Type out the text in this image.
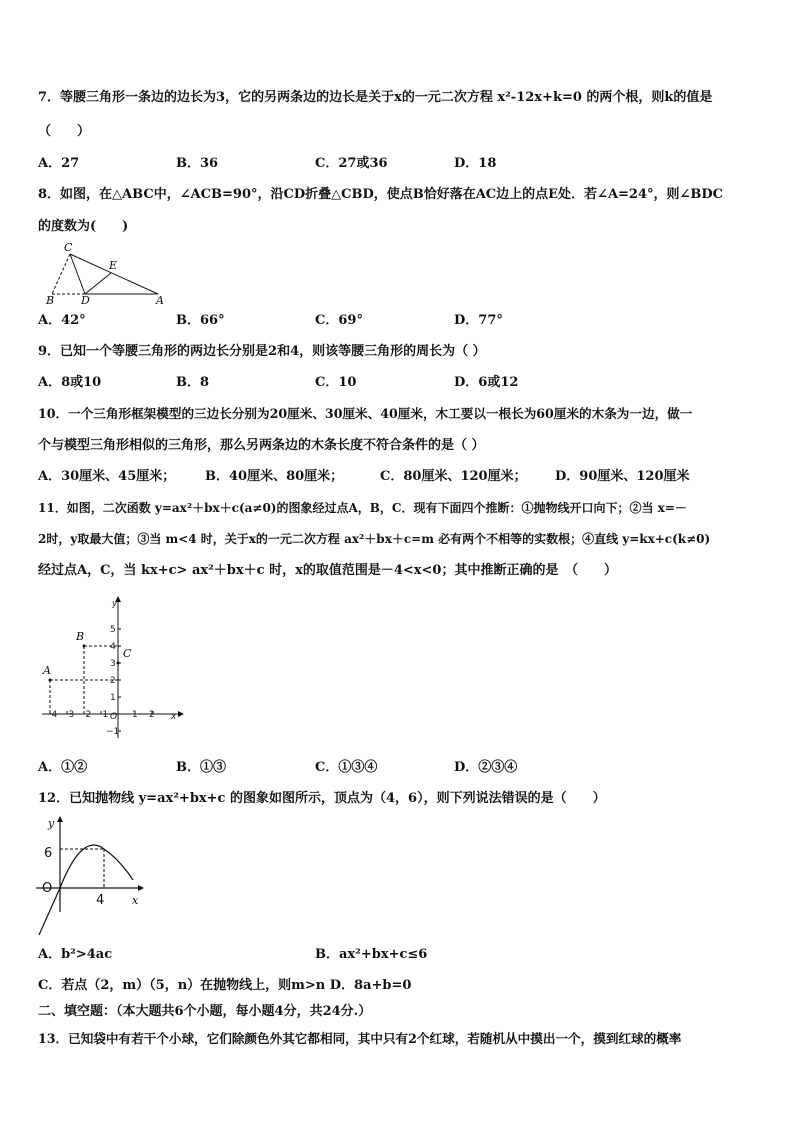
7．等腰三角形一条边的边长为3，它的另两条边的边长是关于x的一元二次方程 x²-12x+k=0 的两个根，则k的值是
（　　）
A．27	B．36	C．27或36	D．18
8．如图，在△ABC中，∠ACB=90°，沿CD折叠△CBD，使点B恰好落在AC边上的点E处．若∠A=24°，则∠BDC
的度数为(　　)
C
E
B D	A
A．42°	B．66°	C．69°	D．77°
9．已知一个等腰三角形的两边长分别是2和4，则该等腰三角形的周长为（ ）
A．8或10	B．8	C．10	D．6或12
10．一个三角形框架模型的三边长分别为20厘米、30厘米、40厘米，木工要以一根长为60厘米的木条为一边，做一
个与模型三角形相似的三角形，那么另两条边的木条长度不符合条件的是（ ）
A．30厘米、45厘米； B．40厘米、80厘米；	C．80厘米、120厘米； D．90厘米、120厘米
11．如图，二次函数 y=ax²＋bx＋c(a≠0)的图象经过点A，B，C．现有下面四个推断：①抛物线开口向下；②当 x=－
2时，y取最大值；③当 m<4 时，关于x的一元二次方程 ax²＋bx＋c=m 必有两个不相等的实数根；④直线 y=kx+c(k≠0)
经过点A，C，当 kx+c> ax²＋bx＋c 时，x的取值范围是－4<x<0；其中推断正确的是　（　　）
y
x
O
−4 −3 −2 −1	1 2
5
4
3
2
1
−1
A
B
C
A．①②	B．①③	C．①③④	D．②③④
12．已知抛物线 y=ax²+bx+c 的图象如图所示，顶点为（4，6），则下列说法错误的是（　　）
y
x
O
6
4
A．b²>4ac	B．ax²+bx+c≤6
C．若点（2，m）（5，n）在抛物线上，则m>n D．8a+b=0
二、填空题：（本大题共6个小题，每小题4分，共24分.）
13．已知袋中有若干个小球，它们除颜色外其它都相同，其中只有2个红球，若随机从中摸出一个，摸到红球的概率
